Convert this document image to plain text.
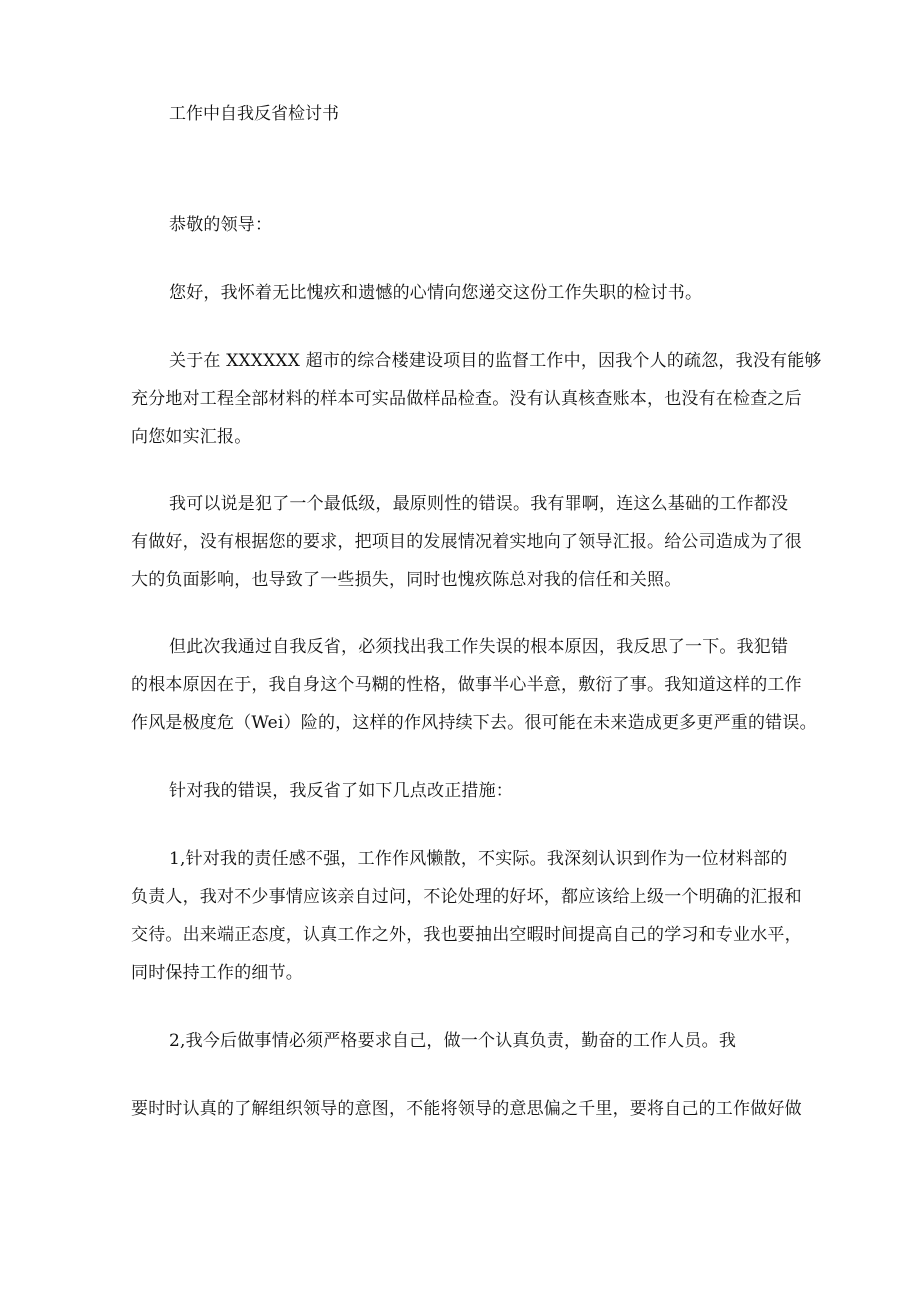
工作中自我反省检讨书
恭敬的领导：
您好，我怀着无比愧疚和遗憾的心情向您递交这份工作失职的检讨书。
关于在 XXXXXX 超市的综合楼建设项目的监督工作中，因我个人的疏忽，我没有能够
充分地对工程全部材料的样本可实品做样品检查。没有认真核查账本，也没有在检查之后
向您如实汇报。
我可以说是犯了一个最低级，最原则性的错误。我有罪啊，连这么基础的工作都没
有做好，没有根据您的要求，把项目的发展情况着实地向了领导汇报。给公司造成为了很
大的负面影响，也导致了一些损失，同时也愧疚陈总对我的信任和关照。
但此次我通过自我反省，必须找出我工作失误的根本原因，我反思了一下。我犯错
的根本原因在于，我自身这个马糊的性格，做事半心半意，敷衍了事。我知道这样的工作
作风是极度危（Wei）险的，这样的作风持续下去。很可能在未来造成更多更严重的错误。
针对我的错误，我反省了如下几点改正措施：
1,针对我的责任感不强，工作作风懒散，不实际。我深刻认识到作为一位材料部的
负责人，我对不少事情应该亲自过问，不论处理的好坏，都应该给上级一个明确的汇报和
交待。出来端正态度，认真工作之外，我也要抽出空暇时间提高自己的学习和专业水平，
同时保持工作的细节。
2,我今后做事情必须严格要求自己，做一个认真负责，勤奋的工作人员。我
要时时认真的了解组织领导的意图，不能将领导的意思偏之千里，要将自己的工作做好做
